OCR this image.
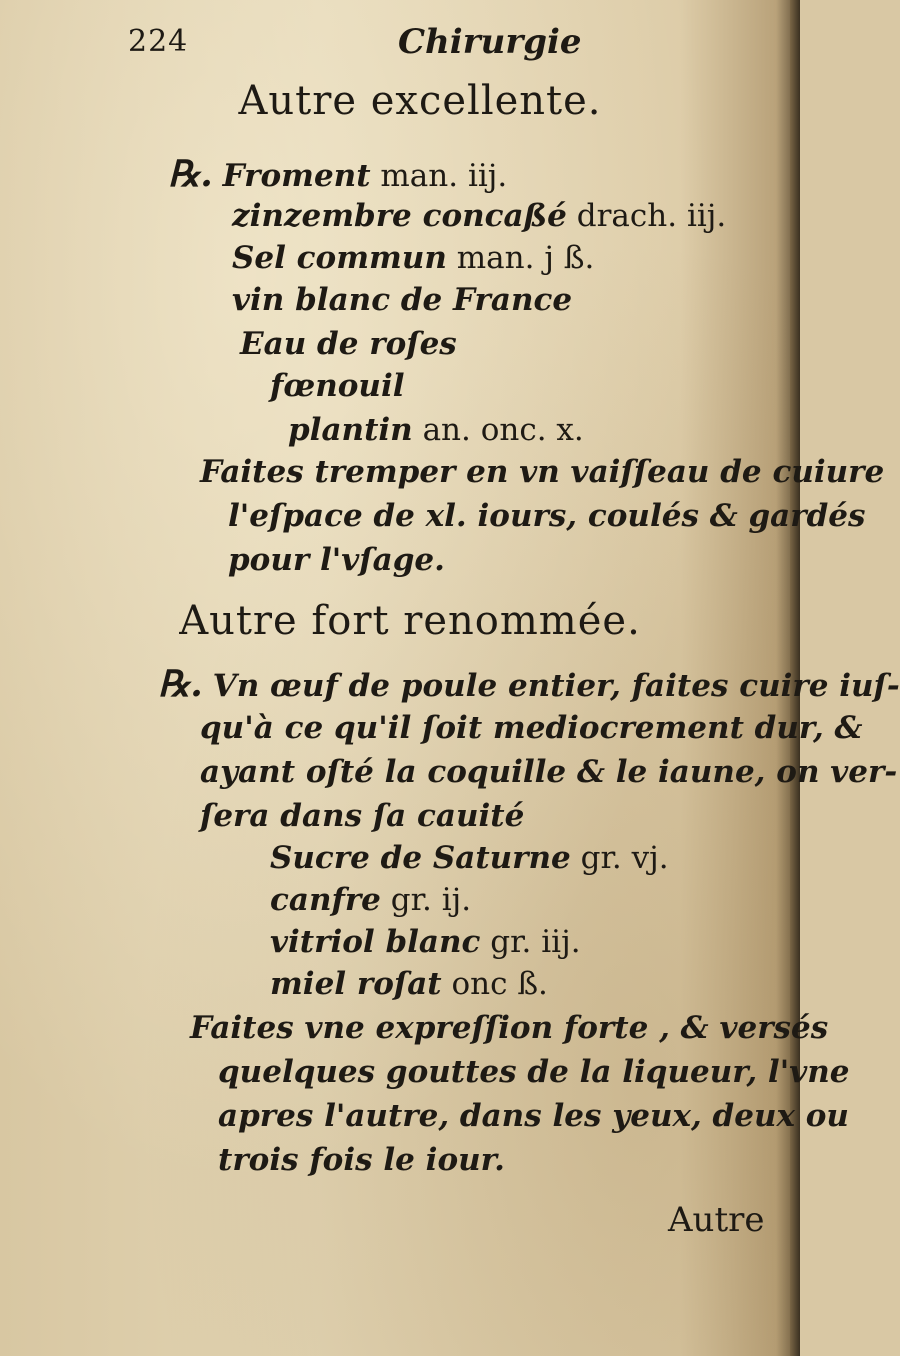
224	Chirurgie
Autre excellente.
℞. Froment man. iij.
zinzembre concaßé drach. iij.
Sel commun man. j ß.
vin blanc de France
Eau de roſes
fœnouil
plantin an. onc. x.
Faites tremper en vn vaiſſeau de cuiure
l'eſpace de xl. iours, coulés & gardés
pour l'vſage.
Autre fort renommée.
℞. Vn œuf de poule entier, faites cuire iuſ-
qu'à ce qu'il ſoit mediocrement dur, &
ayant oſté la coquille & le iaune, on ver-
ſera dans ſa cauité
Sucre de Saturne gr. vj.
canfre gr. ij.
vitriol blanc gr. iij.
miel roſat onc ß.
Faites vne expreſſion forte , & versés
quelques gouttes de la liqueur, l'vne
apres l'autre, dans les yeux, deux ou
trois fois le iour.
Autre
